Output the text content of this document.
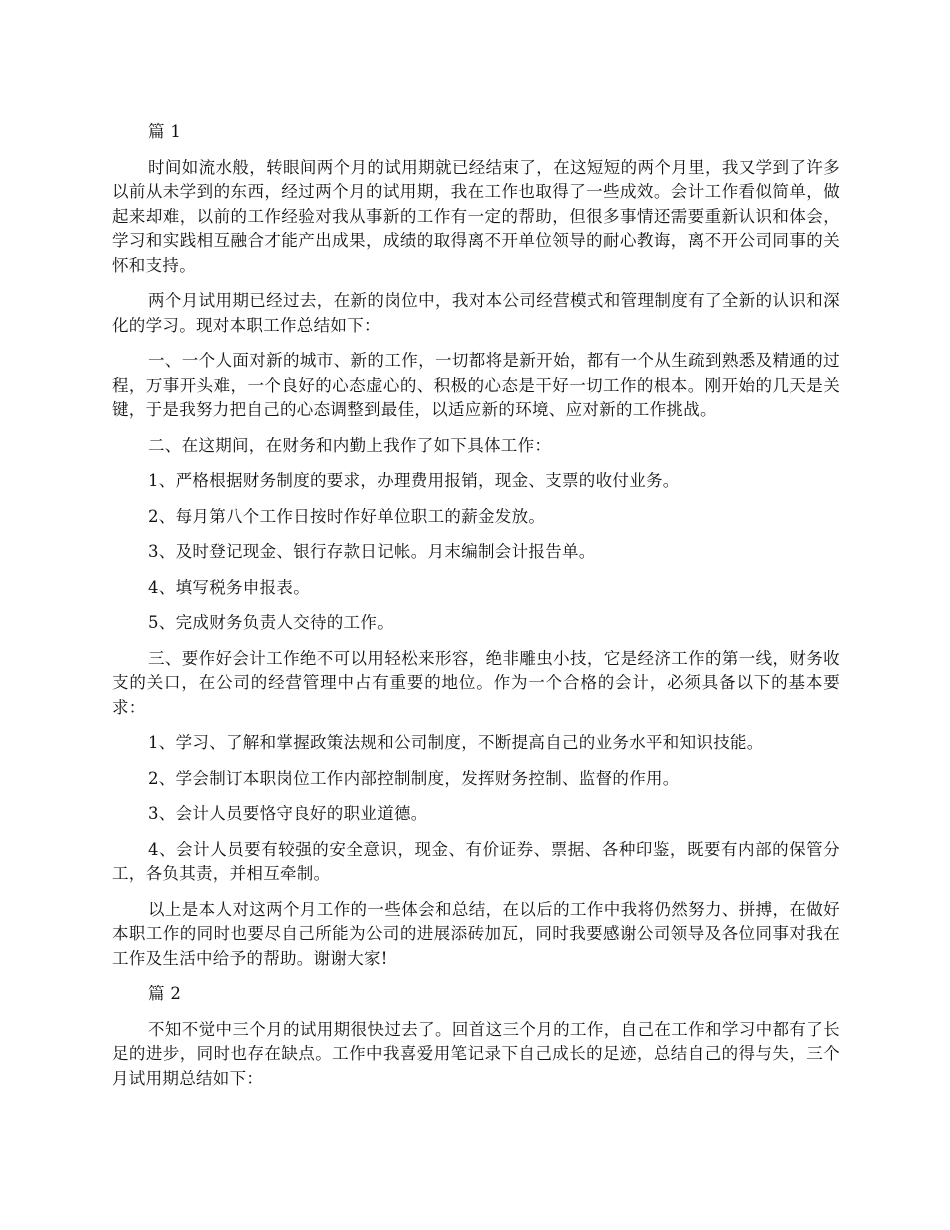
篇 1

时间如流水般，转眼间两个月的试用期就已经结束了，在这短短的两个月里，我又学到了许多以前从未学到的东西，经过两个月的试用期，我在工作也取得了一些成效。会计工作看似简单，做起来却难，以前的工作经验对我从事新的工作有一定的帮助，但很多事情还需要重新认识和体会，学习和实践相互融合才能产出成果，成绩的取得离不开单位领导的耐心教诲，离不开公司同事的关怀和支持。

两个月试用期已经过去，在新的岗位中，我对本公司经营模式和管理制度有了全新的认识和深化的学习。现对本职工作总结如下：

一、一个人面对新的城市、新的工作，一切都将是新开始，都有一个从生疏到熟悉及精通的过程，万事开头难，一个良好的心态虚心的、积极的心态是干好一切工作的根本。刚开始的几天是关键，于是我努力把自己的心态调整到最佳，以适应新的环境、应对新的工作挑战。

二、在这期间，在财务和内勤上我作了如下具体工作：

1、严格根据财务制度的要求，办理费用报销，现金、支票的收付业务。

2、每月第八个工作日按时作好单位职工的薪金发放。

3、及时登记现金、银行存款日记帐。月末编制会计报告单。

4、填写税务申报表。

5、完成财务负责人交待的工作。

三、要作好会计工作绝不可以用轻松来形容，绝非雕虫小技，它是经济工作的第一线，财务收支的关口，在公司的经营管理中占有重要的地位。作为一个合格的会计，必须具备以下的基本要求：

1、学习、了解和掌握政策法规和公司制度，不断提高自己的业务水平和知识技能。

2、学会制订本职岗位工作内部控制制度，发挥财务控制、监督的作用。

3、会计人员要恪守良好的职业道德。

4、会计人员要有较强的安全意识，现金、有价证券、票据、各种印鉴，既要有内部的保管分工，各负其责，并相互牵制。

以上是本人对这两个月工作的一些体会和总结，在以后的工作中我将仍然努力、拼搏，在做好本职工作的同时也要尽自己所能为公司的进展添砖加瓦，同时我要感谢公司领导及各位同事对我在工作及生活中给予的帮助。谢谢大家!

篇 2

不知不觉中三个月的试用期很快过去了。回首这三个月的工作，自己在工作和学习中都有了长足的进步，同时也存在缺点。工作中我喜爱用笔记录下自己成长的足迹，总结自己的得与失，三个月试用期总结如下：
